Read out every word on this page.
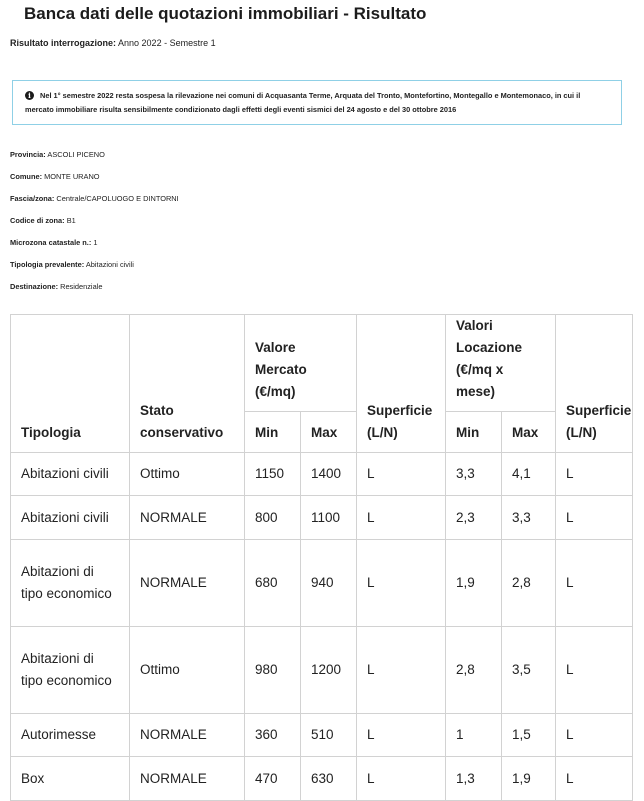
Banca dati delle quotazioni immobiliari - Risultato
Risultato interrogazione: Anno 2022 - Semestre 1
i Nel 1° semestre 2022 resta sospesa la rilevazione nei comuni di Acquasanta Terme, Arquata del Tronto, Montefortino, Montegallo e Montemonaco, in cui il mercato immobiliare risulta sensibilmente condizionato dagli effetti degli eventi sismici del 24 agosto e del 30 ottobre 2016
Provincia: ASCOLI PICENO
Comune: MONTE URANO
Fascia/zona: Centrale/CAPOLUOGO E DINTORNI
Codice di zona: B1
Microzona catastale n.: 1
Tipologia prevalente: Abitazioni civili
Destinazione: Residenziale
Tipologia	Stato conservativo	Valore Mercato (€/mq)		Superficie (L/N)	Valori Locazione (€/mq x mese)		Superficie (L/N)
		Min	Max		Min	Max	
Abitazioni civili	Ottimo	1150	1400	L	3,3	4,1	L
Abitazioni civili	NORMALE	800	1100	L	2,3	3,3	L
Abitazioni di tipo economico	NORMALE	680	940	L	1,9	2,8	L
Abitazioni di tipo economico	Ottimo	980	1200	L	2,8	3,5	L
Autorimesse	NORMALE	360	510	L	1	1,5	L
Box	NORMALE	470	630	L	1,3	1,9	L
